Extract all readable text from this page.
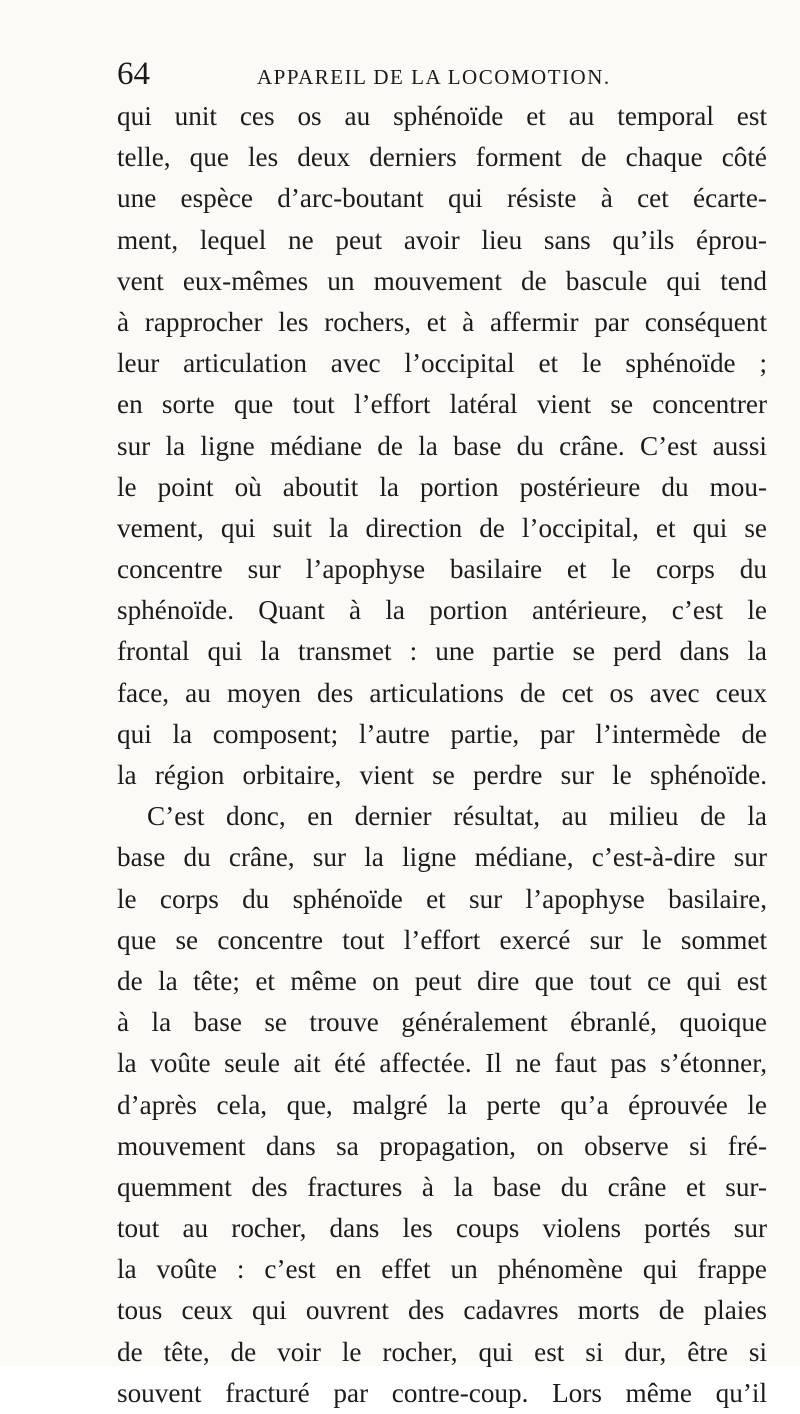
64	APPAREIL DE LA LOCOMOTION.
qui unit ces os au sphénoïde et au temporal est
telle, que les deux derniers forment de chaque côté
une espèce d’arc-boutant qui résiste à cet écarte-
ment, lequel ne peut avoir lieu sans qu’ils éprou-
vent eux-mêmes un mouvement de bascule qui tend
à rapprocher les rochers, et à affermir par conséquent
leur articulation avec l’occipital et le sphénoïde ;
en sorte que tout l’effort latéral vient se concentrer
sur la ligne médiane de la base du crâne. C’est aussi
le point où aboutit la portion postérieure du mou-
vement, qui suit la direction de l’occipital, et qui se
concentre sur l’apophyse basilaire et le corps du
sphénoïde. Quant à la portion antérieure, c’est le
frontal qui la transmet : une partie se perd dans la
face, au moyen des articulations de cet os avec ceux
qui la composent; l’autre partie, par l’intermède de
la région orbitaire, vient se perdre sur le sphénoïde.
C’est donc, en dernier résultat, au milieu de la
base du crâne, sur la ligne médiane, c’est-à-dire sur
le corps du sphénoïde et sur l’apophyse basilaire,
que se concentre tout l’effort exercé sur le sommet
de la tête; et même on peut dire que tout ce qui est
à la base se trouve généralement ébranlé, quoique
la voûte seule ait été affectée. Il ne faut pas s’étonner,
d’après cela, que, malgré la perte qu’a éprouvée le
mouvement dans sa propagation, on observe si fré-
quemment des fractures à la base du crâne et sur-
tout au rocher, dans les coups violens portés sur
la voûte : c’est en effet un phénomène qui frappe
tous ceux qui ouvrent des cadavres morts de plaies
de tête, de voir le rocher, qui est si dur, être si
souvent fracturé par contre-coup. Lors même qu’il
